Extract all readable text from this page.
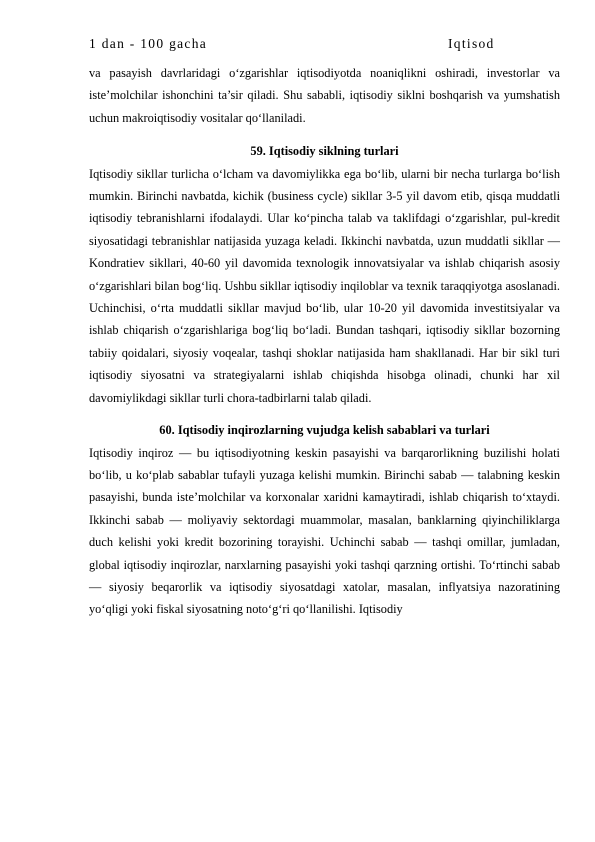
1 dan - 100 gacha	Iqtisod

va pasayish davrlaridagi o‘zgarishlar iqtisodiyotda noaniqlikni oshiradi, investorlar va iste’molchilar ishonchini ta’sir qiladi. Shu sababli, iqtisodiy siklni boshqarish va yumshatish uchun makroiqtisodiy vositalar qo‘llaniladi.

59. Iqtisodiy siklning turlari

Iqtisodiy sikllar turlicha o‘lcham va davomiylikka ega bo‘lib, ularni bir necha turlarga bo‘lish mumkin. Birinchi navbatda, kichik (business cycle) sikllar 3-5 yil davom etib, qisqa muddatli iqtisodiy tebranishlarni ifodalaydi. Ular ko‘pincha talab va taklifdagi o‘zgarishlar, pul-kredit siyosatidagi tebranishlar natijasida yuzaga keladi. Ikkinchi navbatda, uzun muddatli sikllar — Kondratiev sikllari, 40-60 yil davomida texnologik innovatsiyalar va ishlab chiqarish asosiy o‘zgarishlari bilan bog‘liq. Ushbu sikllar iqtisodiy inqiloblar va texnik taraqqiyotga asoslanadi. Uchinchisi, o‘rta muddatli sikllar mavjud bo‘lib, ular 10-20 yil davomida investitsiyalar va ishlab chiqarish o‘zgarishlariga bog‘liq bo‘ladi. Bundan tashqari, iqtisodiy sikllar bozorning tabiiy qoidalari, siyosiy voqealar, tashqi shoklar natijasida ham shakllanadi. Har bir sikl turi iqtisodiy siyosatni va strategiyalarni ishlab chiqishda hisobga olinadi, chunki har xil davomiylikdagi sikllar turli chora-tadbirlarni talab qiladi.

60. Iqtisodiy inqirozlarning vujudga kelish sabablari va turlari

Iqtisodiy inqiroz — bu iqtisodiyotning keskin pasayishi va barqarorlikning buzilishi holati bo‘lib, u ko‘plab sabablar tufayli yuzaga kelishi mumkin. Birinchi sabab — talabning keskin pasayishi, bunda iste’molchilar va korxonalar xaridni kamaytiradi, ishlab chiqarish to‘xtaydi. Ikkinchi sabab — moliyaviy sektordagi muammolar, masalan, banklarning qiyinchiliklarga duch kelishi yoki kredit bozorining torayishi. Uchinchi sabab — tashqi omillar, jumladan, global iqtisodiy inqirozlar, narxlarning pasayishi yoki tashqi qarzning ortishi. To‘rtinchi sabab — siyosiy beqarorlik va iqtisodiy siyosatdagi xatolar, masalan, inflyatsiya nazoratining yo‘qligi yoki fiskal siyosatning noto‘g‘ri qo‘llanilishi. Iqtisodiy
